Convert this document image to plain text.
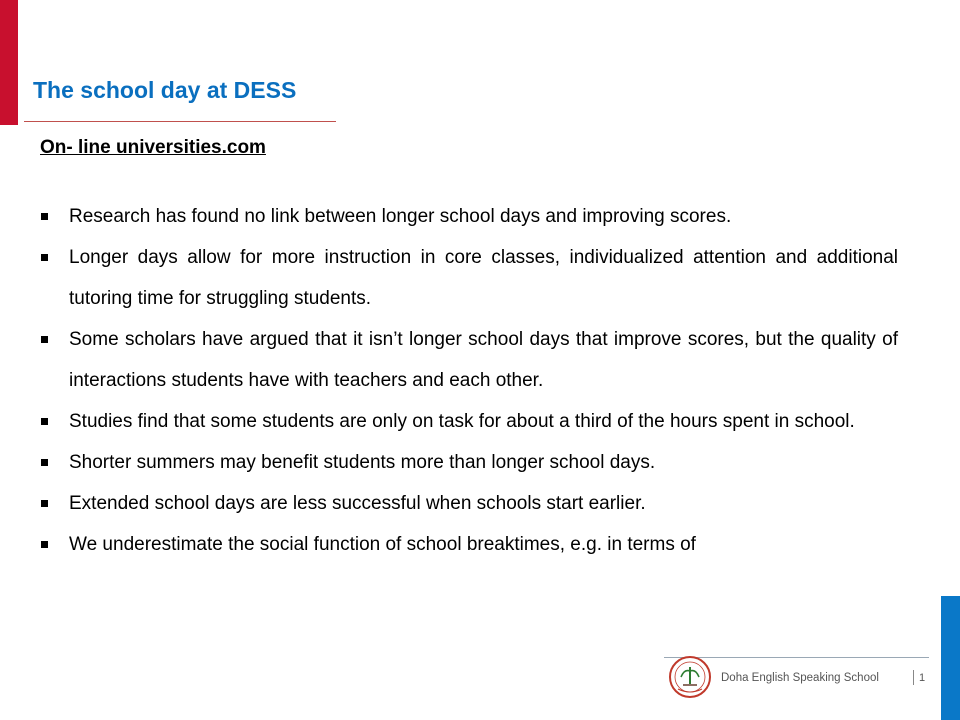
The school day at DESS
On- line universities.com
Research has found no link between longer school days and improving scores.
Longer days allow for more instruction in core classes, individualized attention and additional tutoring time for struggling students.
Some scholars have argued that it isn’t longer school days that improve scores, but the quality of interactions students have with teachers and each other.
Studies find that some students are only on task for about a third of the hours spent in school.
Shorter summers may benefit students more than longer school days.
Extended school days are less successful when schools start earlier.
We underestimate the social function of school breaktimes, e.g. in terms of
Doha English Speaking School	1
